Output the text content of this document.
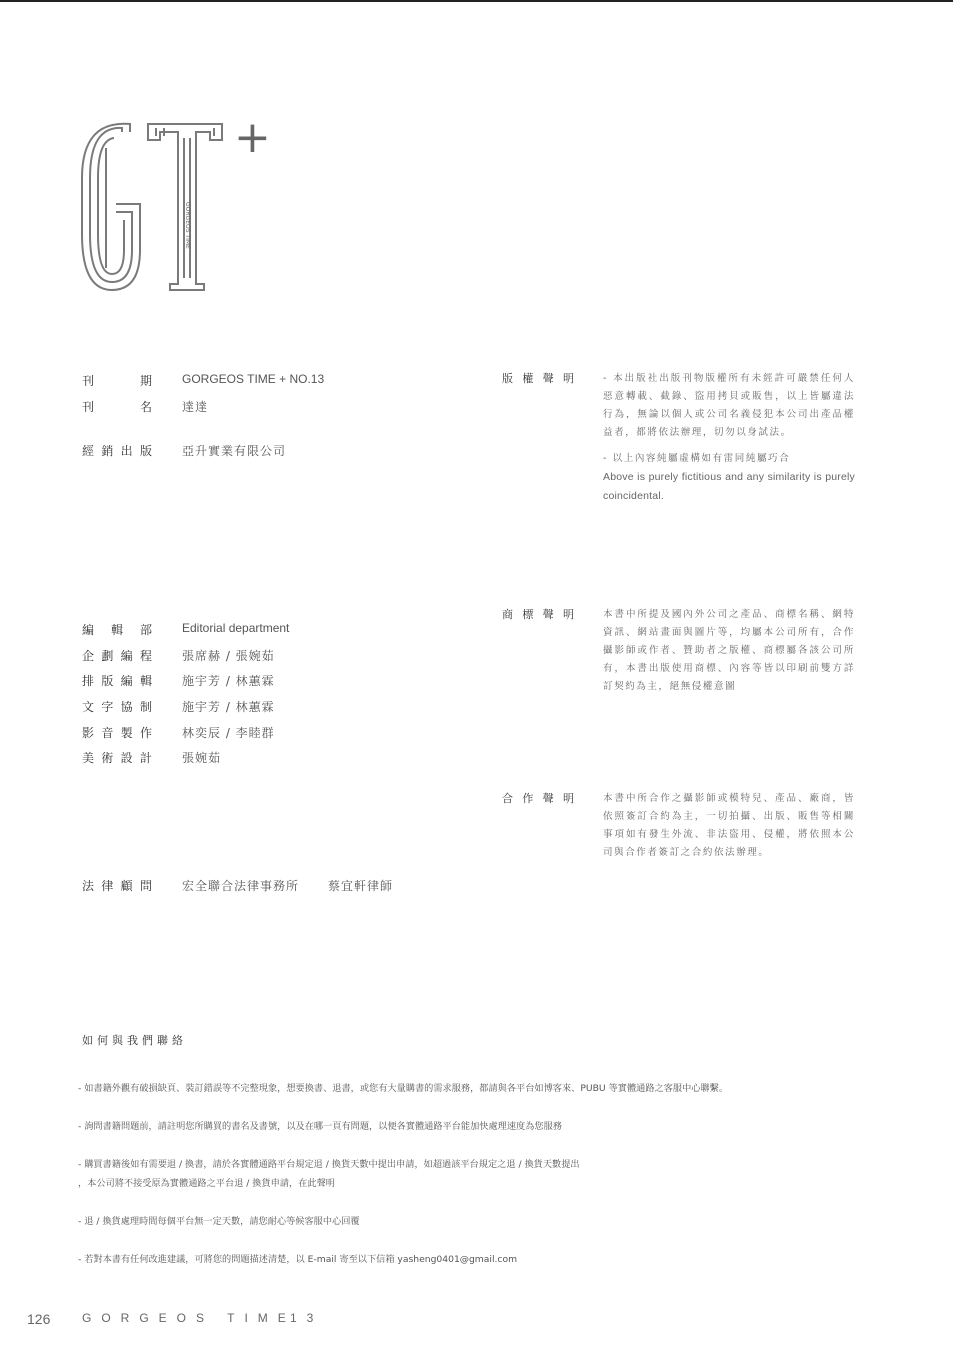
+
GORGEOS TIME
刊期 GORGEOS TIME + NO.13
刊名 達達
經銷出版 亞升實業有限公司
編輯部 Editorial department
企劃編程 張席赫 / 張婉茹
排版編輯 施宇芳 / 林蕙霖
文字協制 施宇芳 / 林蕙霖
影音製作 林奕辰 / 李睦群
美術設計 張婉茹
法律顧問 宏全聯合法律事務所 蔡宜軒律師
版權聲明	- 本出版社出版刊物版權所有未經許可嚴禁任何人惡意轉載、截錄、盜用拷貝或販售，以上皆屬違法行為，無論以個人或公司名義侵犯本公司出產品權益者，都將依法辦理，切勿以身試法。
- 以上內容純屬虛構如有雷同純屬巧合
Above is purely fictitious and any similarity is purely coincidental.
商標聲明	本書中所提及國內外公司之產品、商標名稱、網特資訊、網站畫面與圖片等，均屬本公司所有，合作攝影師或作者、贊助者之版權、商標屬各該公司所有，本書出版使用商標、內容等皆以印刷前雙方詳訂契約為主，絕無侵權意圖
合作聲明	本書中所合作之攝影師或模特兒、產品、廠商，皆依照簽訂合約為主，一切拍攝、出版、販售等相關事項如有發生外流、非法盜用、侵權，將依照本公司與合作者簽訂之合約依法辦理。
如何與我們聯絡
- 如書籍外觀有破損缺頁、裝訂錯誤等不完整現象，想要換書、退書，或您有大量購書的需求服務，都請與各平台如博客來、PUBU 等實體通路之客服中心聯繫。
- 詢問書籍問題前，請註明您所購買的書名及書號，以及在哪一頁有問題，以便各實體通路平台能加快處理速度為您服務
- 購買書籍後如有需要退 / 換書，請於各實體通路平台規定退 / 換貨天數中提出申請，如超過該平台規定之退 / 換貨天數提出
，本公司將不接受原為實體通路之平台退 / 換貨申請，在此聲明
- 退 / 換貨處理時間每個平台無一定天數，請您耐心等候客服中心回覆
- 若對本書有任何改進建議，可將您的問題描述清楚，以 E-mail 寄至以下信箱 yasheng0401@gmail.com
126	GORGEOS TIME
13
